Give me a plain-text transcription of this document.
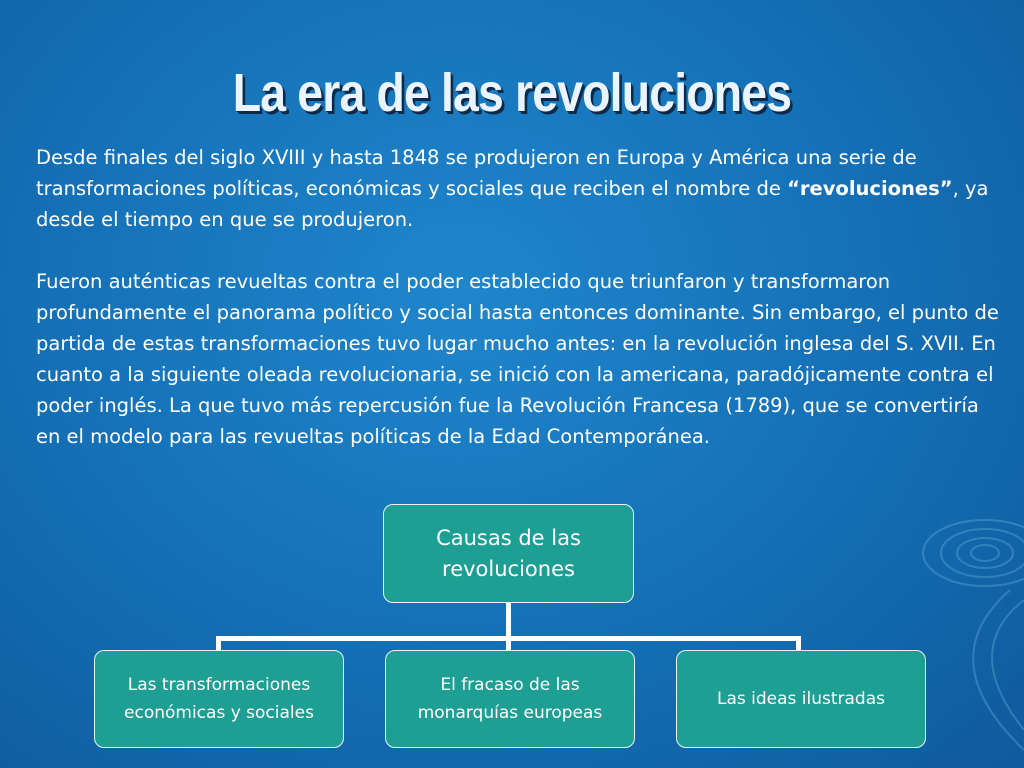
La era de las revoluciones

Desde finales del siglo XVIII y hasta 1848 se produjeron en Europa y América una serie de transformaciones políticas, económicas y sociales que reciben el nombre de “revoluciones”, ya desde el tiempo en que se produjeron.

Fueron auténticas revueltas contra el poder establecido que triunfaron y transformaron profundamente el panorama político y social hasta entonces dominante. Sin embargo, el punto de partida de estas transformaciones tuvo lugar mucho antes: en la revolución inglesa del S. XVII. En cuanto a la siguiente oleada revolucionaria, se inició con la americana, paradójicamente contra el poder inglés. La que tuvo más repercusión fue la Revolución Francesa (1789), que se convertiría en el modelo para las revueltas políticas de la Edad Contemporánea.

Causas de las
revoluciones
Las transformaciones
económicas y sociales
El fracaso de las
monarquías europeas
Las ideas ilustradas
